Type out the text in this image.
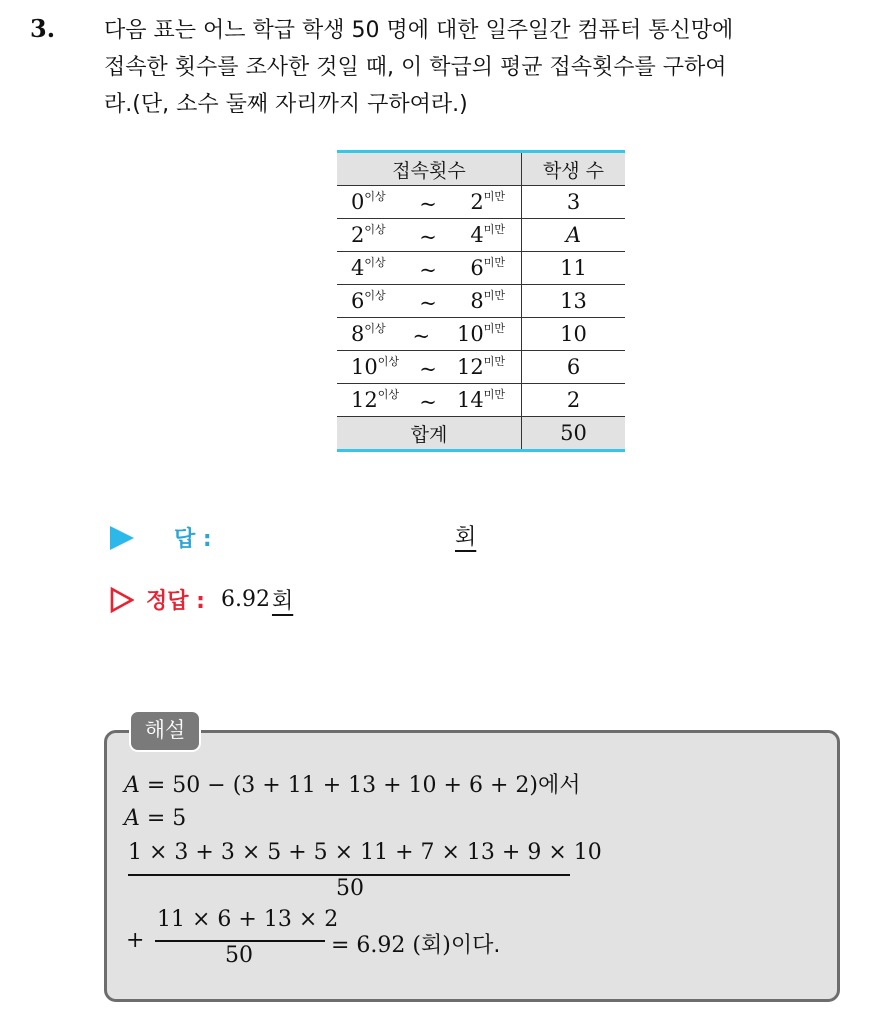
3. 다음 표는 어느 학급 학생 50 명에 대한 일주일간 컴퓨터 통신망에
접속한 횟수를 조사한 것일 때, 이 학급의 평균 접속횟수를 구하여
라.(단, 소수 둘째 자리까지 구하여라.)
접속횟수	학생 수

$0^{이상}$ ~ $2^{미만}$	3

$2^{이상}$ ~ $4^{미만}$	A

$4^{이상}$ ~ $6^{미만}$	11

$6^{이상}$ ~ $8^{미만}$	13

$8^{이상}$ ~ $10^{미만}$	10

$10^{이상}$ ~ $12^{미만}$	6

$12^{이상}$ ~ $14^{미만}$	2
합계	50
답 :	회
정답 : 6.92 회
해설
A = 50 − (3 + 11 + 13 + 10 + 6 + 2)에서
A = 5
1 × 3 + 3 × 5 + 5 × 11 + 7 × 13 + 9 × 10
50
+
11 × 6 + 13 × 2
50	= 6.92 (회)이다.
